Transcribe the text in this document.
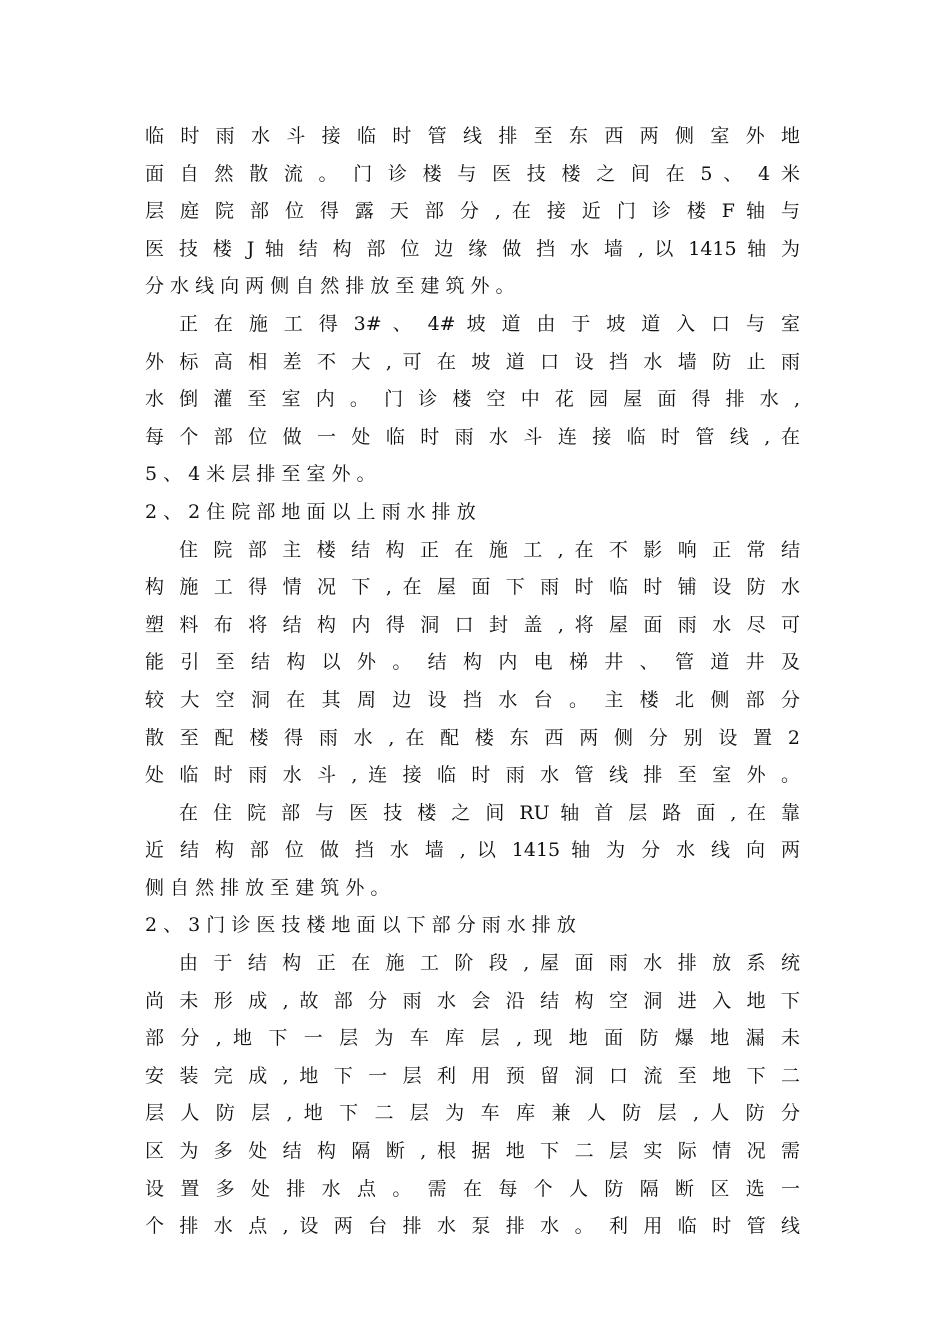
临 时 雨 水 斗 接 临 时 管 线 排 至 东 西 两 侧 室 外 地
面 自 然 散 流 。 门 诊 楼 与 医 技 楼 之 间 在 5 、 4 米
层 庭 院 部 位 得 露 天 部 分 , 在 接 近 门 诊 楼 F 轴 与
医 技 楼 J 轴 结 构 部 位 边 缘 做 挡 水 墙 , 以 1415 轴 为
分 水 线 向 两 侧 自 然 排 放 至 建 筑 外 。
正 在 施 工 得 3# 、 4# 坡 道 由 于 坡 道 入 口 与 室
外 标 高 相 差 不 大 , 可 在 坡 道 口 设 挡 水 墙 防 止 雨
水 倒 灌 至 室 内 。 门 诊 楼 空 中 花 园 屋 面 得 排 水 ,
每 个 部 位 做 一 处 临 时 雨 水 斗 连 接 临 时 管 线 , 在
5 、 4 米 层 排 至 室 外 。
2 、 2 住 院 部 地 面 以 上 雨 水 排 放
住 院 部 主 楼 结 构 正 在 施 工 , 在 不 影 响 正 常 结
构 施 工 得 情 况 下 , 在 屋 面 下 雨 时 临 时 铺 设 防 水
塑 料 布 将 结 构 内 得 洞 口 封 盖 , 将 屋 面 雨 水 尽 可
能 引 至 结 构 以 外 。 结 构 内 电 梯 井 、 管 道 井 及
较 大 空 洞 在 其 周 边 设 挡 水 台 。 主 楼 北 侧 部 分
散 至 配 楼 得 雨 水 , 在 配 楼 东 西 两 侧 分 别 设 置 2
处 临 时 雨 水 斗 , 连 接 临 时 雨 水 管 线 排 至 室 外 。
在 住 院 部 与 医 技 楼 之 间 RU 轴 首 层 路 面 , 在 靠
近 结 构 部 位 做 挡 水 墙 , 以 1415 轴 为 分 水 线 向 两
侧 自 然 排 放 至 建 筑 外 。
2 、 3 门 诊 医 技 楼 地 面 以 下 部 分 雨 水 排 放
由 于 结 构 正 在 施 工 阶 段 , 屋 面 雨 水 排 放 系 统
尚 未 形 成 , 故 部 分 雨 水 会 沿 结 构 空 洞 进 入 地 下
部 分 , 地 下 一 层 为 车 库 层 , 现 地 面 防 爆 地 漏 未
安 装 完 成 , 地 下 一 层 利 用 预 留 洞 口 流 至 地 下 二
层 人 防 层 , 地 下 二 层 为 车 库 兼 人 防 层 , 人 防 分
区 为 多 处 结 构 隔 断 , 根 据 地 下 二 层 实 际 情 况 需
设 置 多 处 排 水 点 。 需 在 每 个 人 防 隔 断 区 选 一
个 排 水 点 , 设 两 台 排 水 泵 排 水 。 利 用 临 时 管 线
